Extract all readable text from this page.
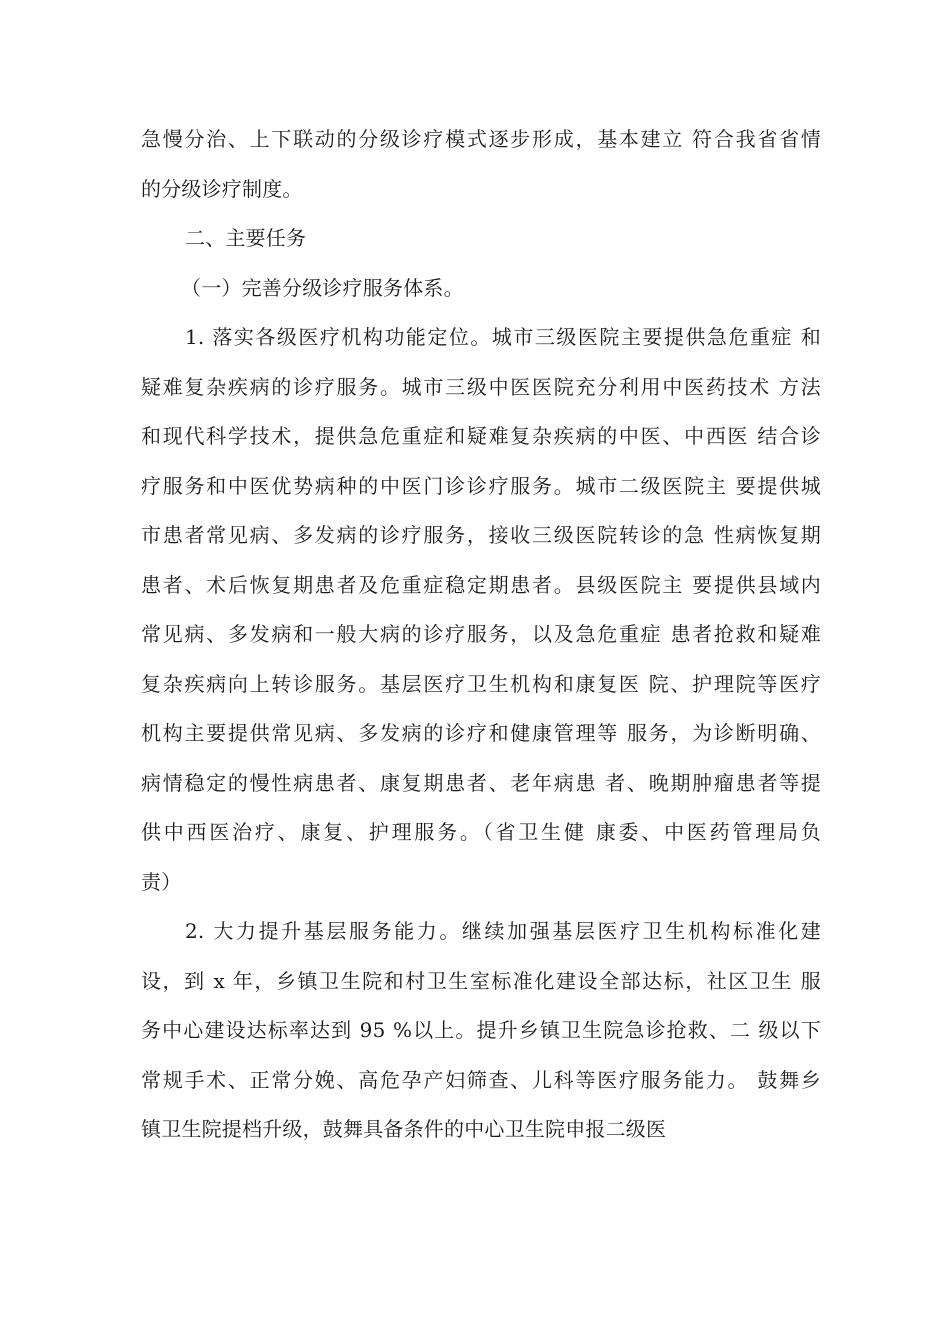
急慢分治、上下联动的分级诊疗模式逐步形成，基本建立 符合我省省情
的分级诊疗制度。
二、主要任务
（一）完善分级诊疗服务体系。
1. 落实各级医疗机构功能定位。城市三级医院主要提供急危重症 和
疑难复杂疾病的诊疗服务。城市三级中医医院充分利用中医药技术 方法
和现代科学技术，提供急危重症和疑难复杂疾病的中医、中西医 结合诊
疗服务和中医优势病种的中医门诊诊疗服务。城市二级医院主 要提供城
市患者常见病、多发病的诊疗服务，接收三级医院转诊的急 性病恢复期
患者、术后恢复期患者及危重症稳定期患者。县级医院主 要提供县域内
常见病、多发病和一般大病的诊疗服务，以及急危重症 患者抢救和疑难
复杂疾病向上转诊服务。基层医疗卫生机构和康复医 院、护理院等医疗
机构主要提供常见病、多发病的诊疗和健康管理等 服务，为诊断明确、
病情稳定的慢性病患者、康复期患者、老年病患 者、晚期肿瘤患者等提
供中西医治疗、康复、护理服务。（省卫生健 康委、中医药管理局负
责）
2. 大力提升基层服务能力。继续加强基层医疗卫生机构标准化建
设，到 x 年，乡镇卫生院和村卫生室标准化建设全部达标，社区卫生 服
务中心建设达标率达到 95 %以上。提升乡镇卫生院急诊抢救、二 级以下
常规手术、正常分娩、高危孕产妇筛查、儿科等医疗服务能力。 鼓舞乡
镇卫生院提档升级，鼓舞具备条件的中心卫生院申报二级医
